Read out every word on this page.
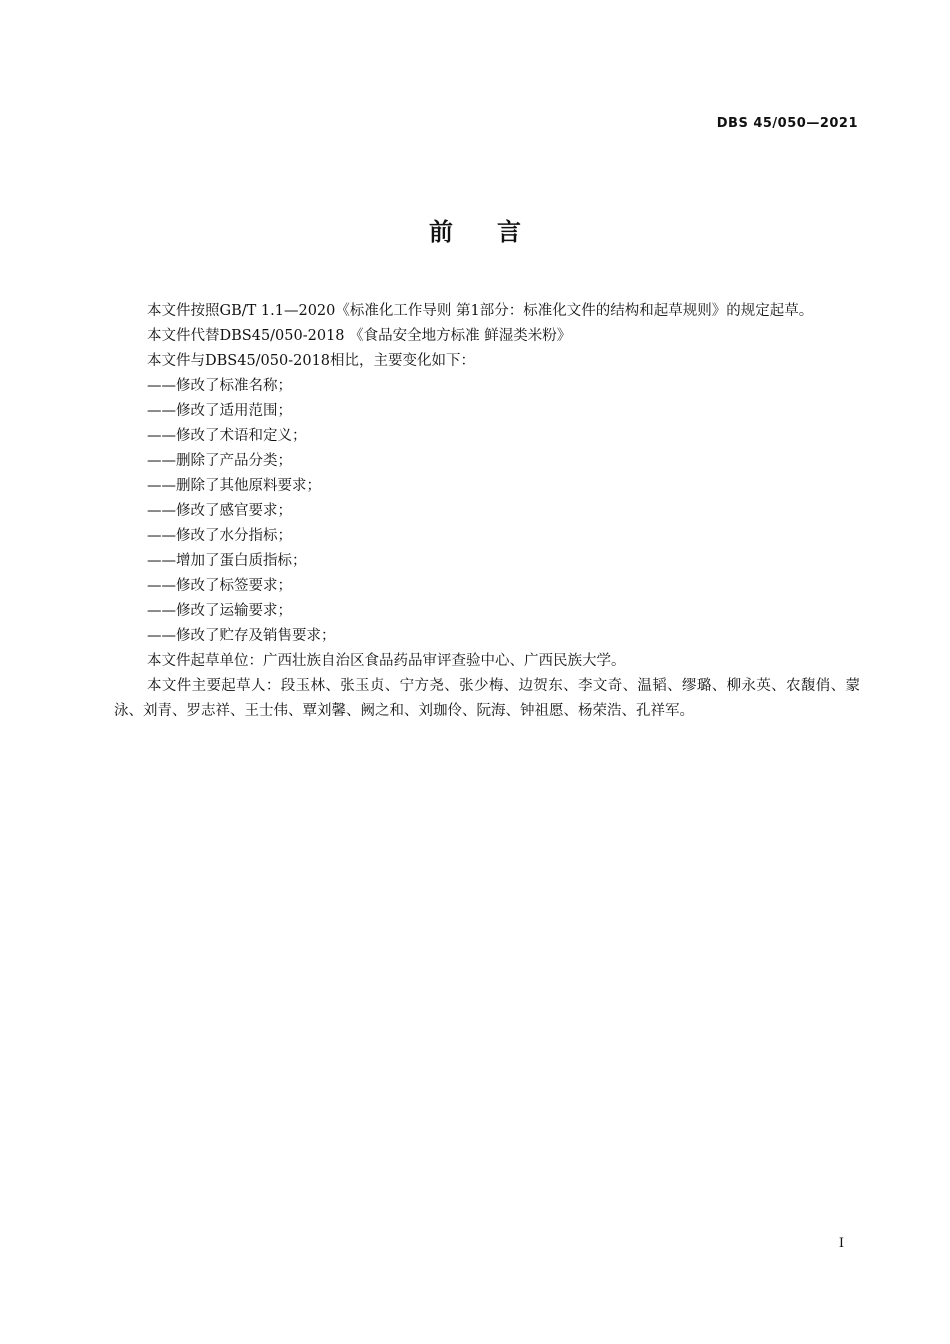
DBS 45/050—2021
前言

本文件按照GB/T 1.1—2020《标准化工作导则 第1部分：标准化文件的结构和起草规则》的规定起草。

本文件代替DBS45/050-2018 《食品安全地方标准 鲜湿类米粉》

本文件与DBS45/050-2018相比，主要变化如下：

——修改了标准名称；

——修改了适用范围；

——修改了术语和定义；

——删除了产品分类；

——删除了其他原料要求；

——修改了感官要求；

——修改了水分指标；

——增加了蛋白质指标；

——修改了标签要求；

——修改了运输要求；

——修改了贮存及销售要求；

本文件起草单位：广西壮族自治区食品药品审评查验中心、广西民族大学。

本文件主要起草人：段玉林、张玉贞、宁方尧、张少梅、边贺东、李文奇、温韬、缪璐、柳永英、农馥俏、蒙泳、刘青、罗志祥、王士伟、覃刘馨、阙之和、刘珈伶、阮海、钟祖愿、杨荣浩、孔祥军。

I
